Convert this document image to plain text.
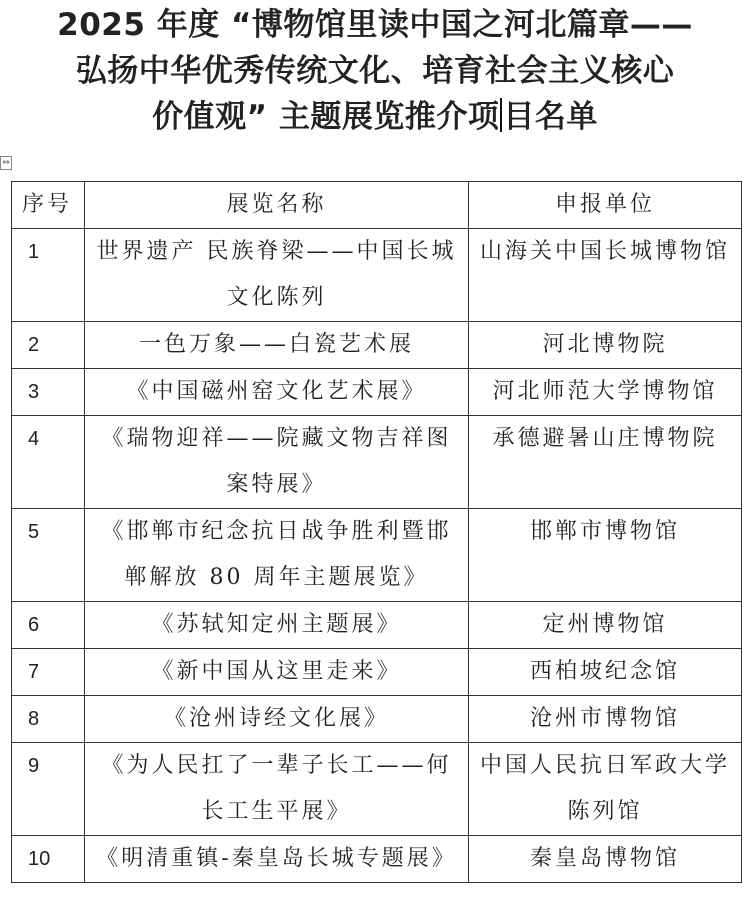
2025 年度 “博物馆里读中国之河北篇章——
弘扬中华优秀传统文化、培育社会主义核心
价值观” 主题展览推介项 目名单
⇔
序号	展览名称	申报单位
1	世界遗产 民族脊梁——中国长城文化陈列	山海关中国长城博物馆
2	一色万象——白瓷艺术展	河北博物院
3	《中国磁州窑文化艺术展》	河北师范大学博物馆
4	《瑞物迎祥——院藏文物吉祥图案特展》	承德避暑山庄博物院
5	《邯郸市纪念抗日战争胜利暨邯郸解放 80 周年主题展览》	邯郸市博物馆
6	《苏轼知定州主题展》	定州博物馆
7	《新中国从这里走来》	西柏坡纪念馆
8	《沧州诗经文化展》	沧州市博物馆
9	《为人民扛了一辈子长工——何长工生平展》	中国人民抗日军政大学陈列馆
10	《明清重镇-秦皇岛长城专题展》	秦皇岛博物馆
